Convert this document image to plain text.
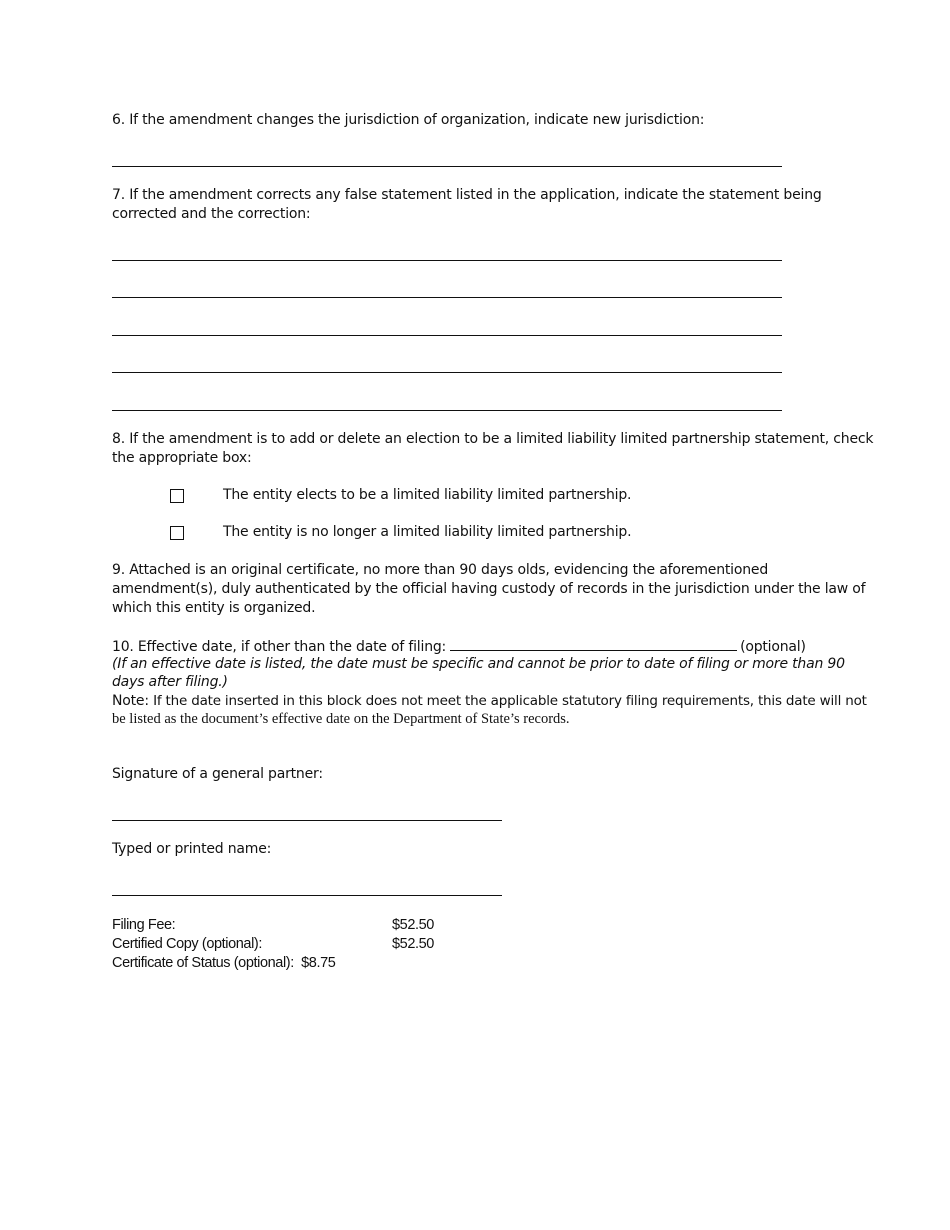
6. If the amendment changes the jurisdiction of organization, indicate new jurisdiction:
7. If the amendment corrects any false statement listed in the application, indicate the statement being
corrected and the correction:
8. If the amendment is to add or delete an election to be a limited liability limited partnership statement, check
the appropriate box:
The entity elects to be a limited liability limited partnership.
The entity is no longer a limited liability limited partnership.
9. Attached is an original certificate, no more than 90 days olds, evidencing the aforementioned
amendment(s), duly authenticated by the official having custody of records in the jurisdiction under the law of
which this entity is organized.
10. Effective date, if other than the date of filing:	(optional)
(If an effective date is listed, the date must be specific and cannot be prior to date of filing or more than 90
days after filing.)
Note: If the date inserted in this block does not meet the applicable statutory filing requirements, this date will not
be listed as the document’s effective date on the Department of State’s records.
Signature of a general partner:
Typed or printed name:
Filing Fee:	$52.50
Certified Copy (optional):	$52.50
Certificate of Status (optional): $8.75
